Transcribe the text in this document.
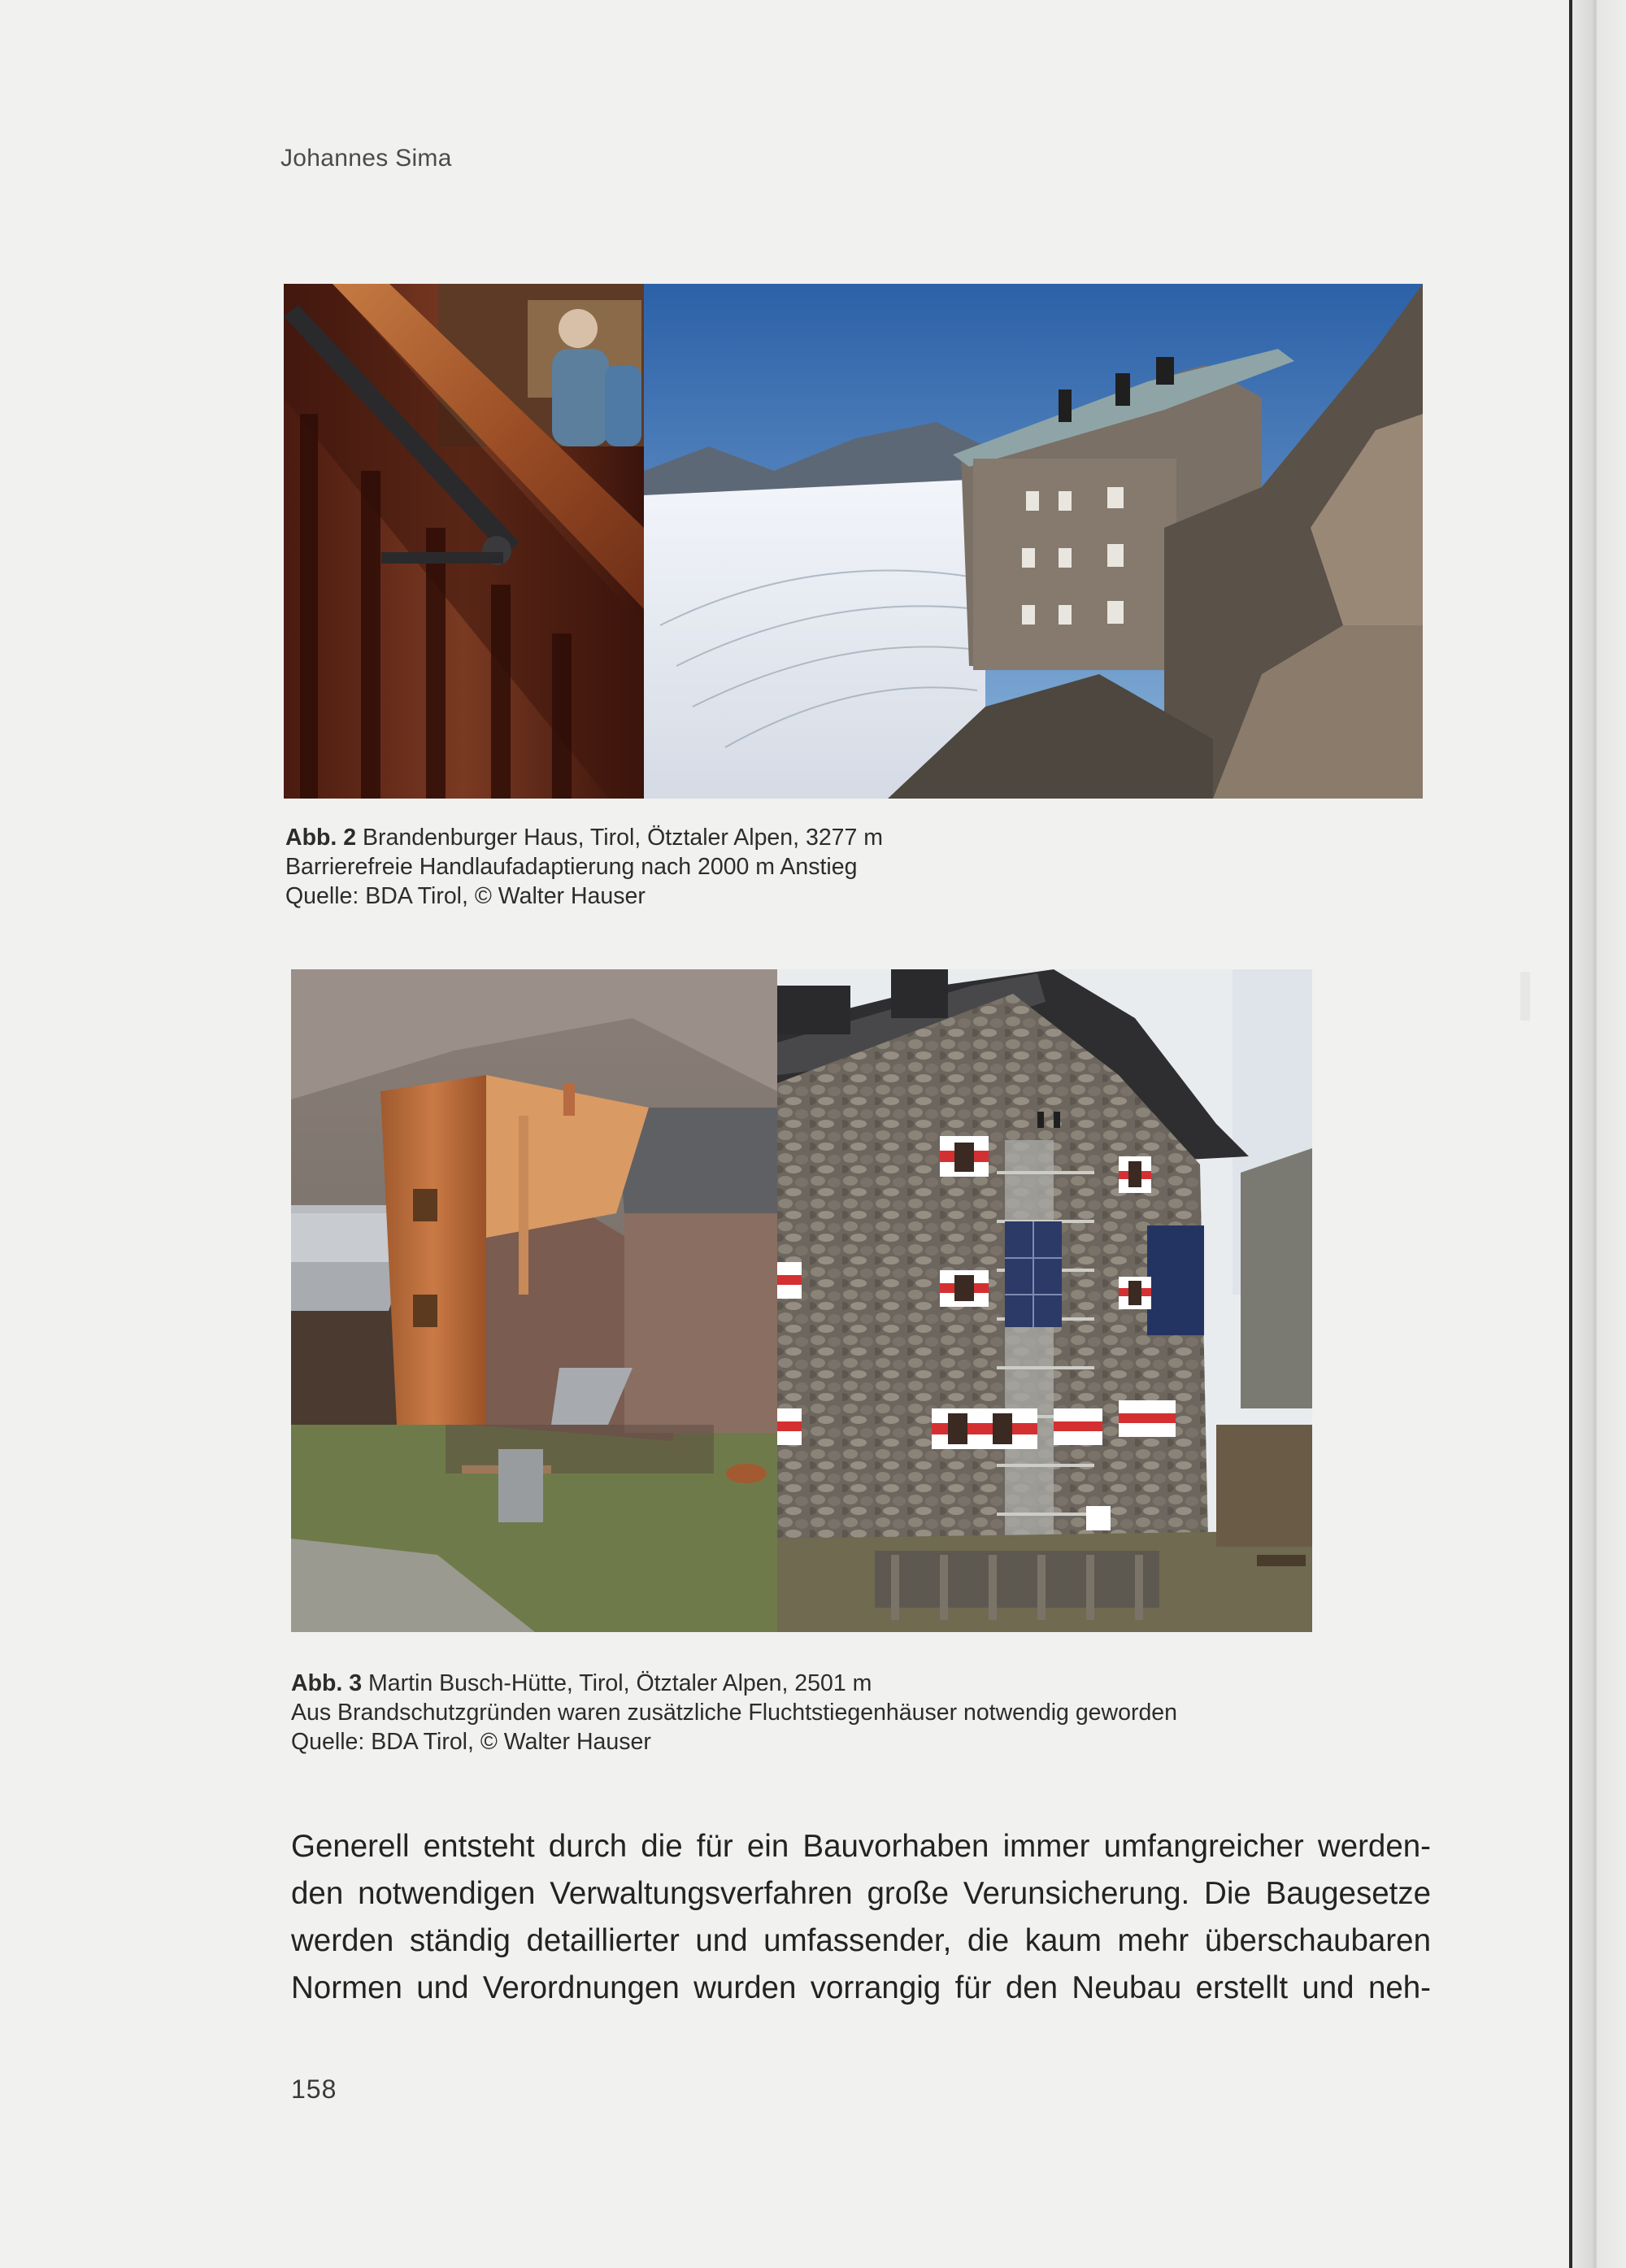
Johannes Sima
Abb. 2 Brandenburger Haus, Tirol, Ötztaler Alpen, 3277 m
Barrierefreie Handlaufadaptierung nach 2000 m Anstieg
Quelle: BDA Tirol, © Walter Hauser
Abb. 3 Martin Busch-Hütte, Tirol, Ötztaler Alpen, 2501 m
Aus Brandschutzgründen waren zusätzliche Fluchtstiegenhäuser notwendig geworden
Quelle: BDA Tirol, © Walter Hauser
Generell entsteht durch die für ein Bauvorhaben immer umfangreicher werden-
den notwendigen Verwaltungsverfahren große Verunsicherung. Die Baugesetze
werden ständig detaillierter und umfassender, die kaum mehr überschaubaren
Normen und Verordnungen wurden vorrangig für den Neubau erstellt und neh-
158
